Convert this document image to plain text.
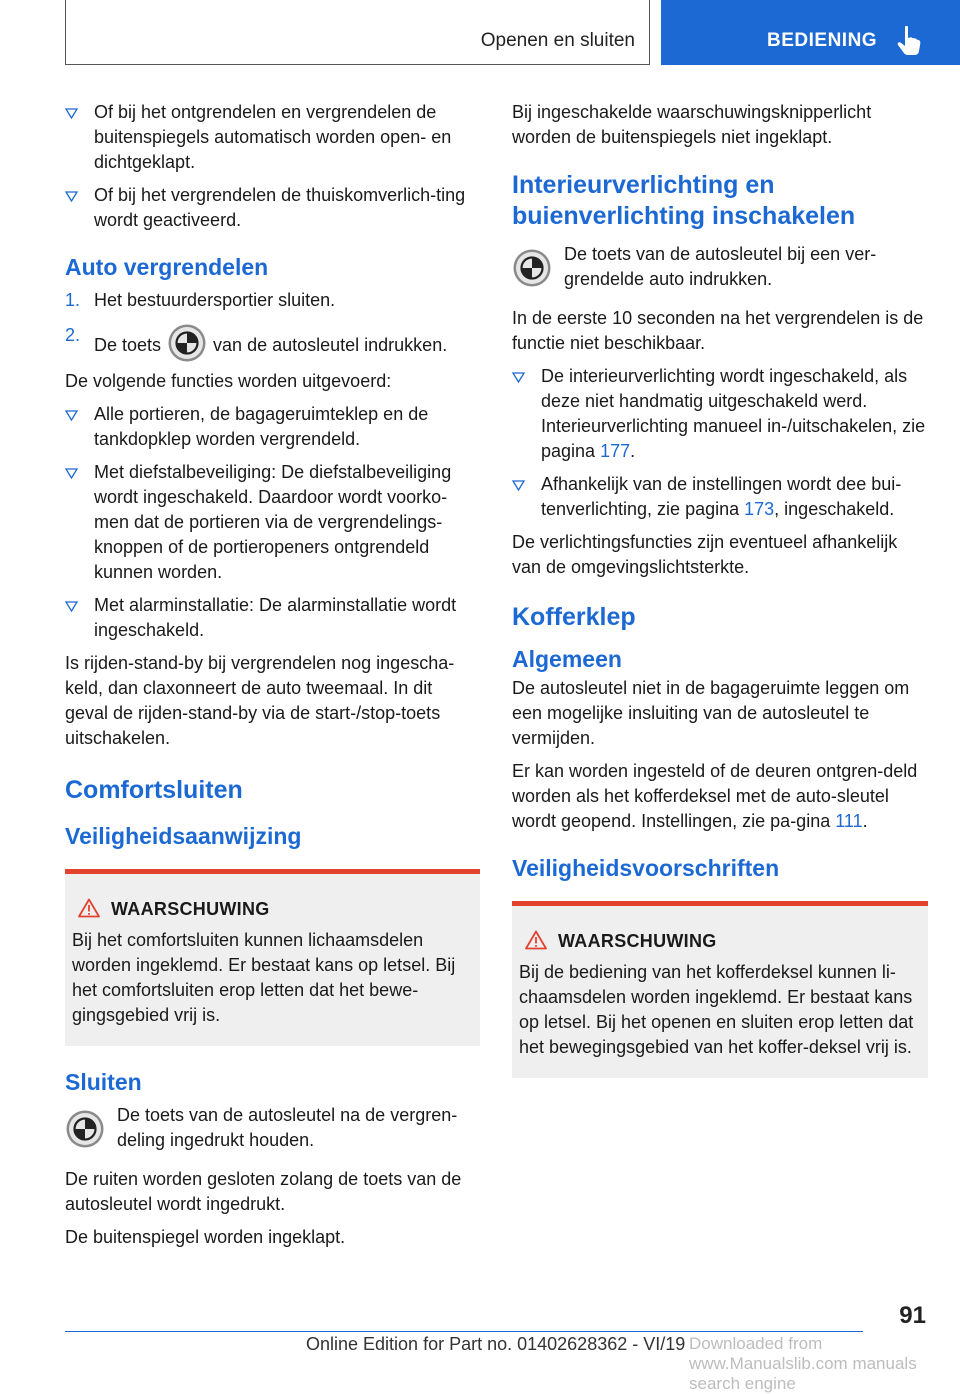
Openen en sluiten	BEDIENING
Of bij het ontgrendelen en vergrendelen de buitenspiegels automatisch worden open- en dichtgeklapt.
Of bij het vergrendelen de thuiskomverlich-ting wordt geactiveerd.
Auto vergrendelen
1. Het bestuurdersportier sluiten.
2. De toets	van de autosleutel indrukken.

De volgende functies worden uitgevoerd:

Alle portieren, de bagageruimteklep en de tankdopklep worden vergrendeld.
Met diefstalbeveiliging: De diefstalbeveiliging wordt ingeschakeld. Daardoor wordt voorko-men dat de portieren via de vergrendelings-knoppen of de portieropeners ontgrendeld kunnen worden.
Met alarminstallatie: De alarminstallatie wordt ingeschakeld.

Is rijden-stand-by bij vergrendelen nog ingescha-keld, dan claxonneert de auto tweemaal. In dit geval de rijden-stand-by via de start-/stop-toets uitschakelen.

Comfortsluiten
Veiligheidsaanwijzing
WAARSCHUWING

Bij het comfortsluiten kunnen lichaamsdelen worden ingeklemd. Er bestaat kans op letsel. Bij het comfortsluiten erop letten dat het bewe-gingsgebied vrij is.

Sluiten
De toets van de autosleutel na de vergren-deling ingedrukt houden.

De ruiten worden gesloten zolang de toets van de autosleutel wordt ingedrukt.

De buitenspiegel worden ingeklapt.

Bij ingeschakelde waarschuwingsknipperlicht worden de buitenspiegels niet ingeklapt.

Interieurverlichting en buienverlichting inschakelen
De toets van de autosleutel bij een ver-grendelde auto indrukken.

In de eerste 10 seconden na het vergrendelen is de functie niet beschikbaar.

De interieurverlichting wordt ingeschakeld, als deze niet handmatig uitgeschakeld werd. Interieurverlichting manueel in-/uitschakelen, zie pagina 177.
Afhankelijk van de instellingen wordt dee bui-tenverlichting, zie pagina 173, ingeschakeld.

De verlichtingsfuncties zijn eventueel afhankelijk van de omgevingslichtsterkte.

Kofferklep
Algemeen

De autosleutel niet in de bagageruimte leggen om een mogelijke insluiting van de autosleutel te vermijden.

Er kan worden ingesteld of de deuren ontgren-deld worden als het kofferdeksel met de auto-sleutel wordt geopend. Instellingen, zie pa-gina 111.

Veiligheidsvoorschriften
WAARSCHUWING

Bij de bediening van het kofferdeksel kunnen li-chaamsdelen worden ingeklemd. Er bestaat kans op letsel. Bij het openen en sluiten erop letten dat het bewegingsgebied van het koffer-deksel vrij is.

91
Online Edition for Part no. 01402628362 - VI/19 Downloaded from www.Manualslib.com manuals search engine
